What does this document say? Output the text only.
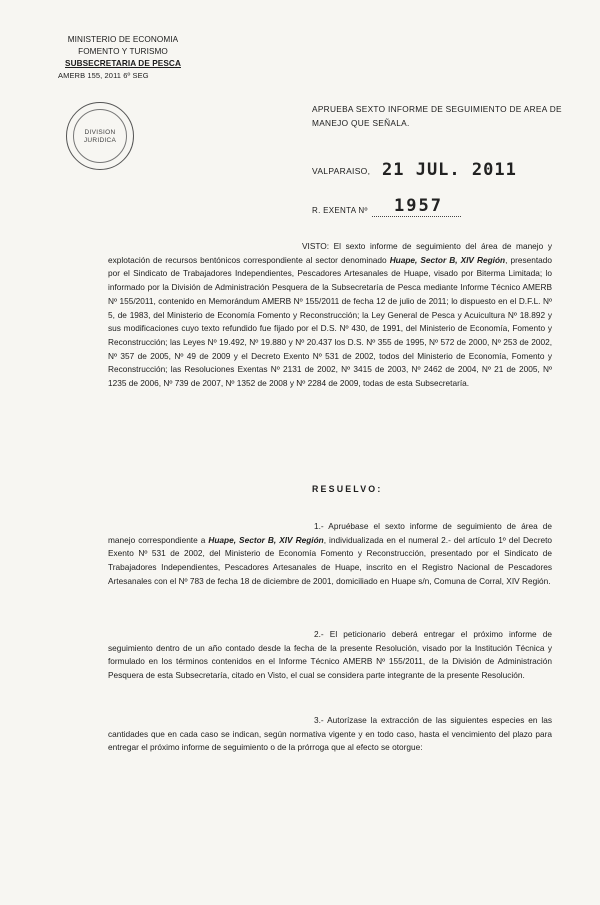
MINISTERIO DE ECONOMIA
FOMENTO Y TURISMO
SUBSECRETARIA DE PESCA
AMERB 155, 2011 6º SEG
DIVISION
JURIDICA
APRUEBA SEXTO INFORME DE SEGUIMIENTO DE AREA DE MANEJO QUE SEÑALA.
VALPARAISO, 21 JUL. 2011
R. EXENTA Nº	1957
VISTO: El sexto informe de seguimiento del área de manejo y explotación de recursos bentónicos correspondiente al sector denominado Huape, Sector B, XIV Región, presentado por el Sindicato de Trabajadores Independientes, Pescadores Artesanales de Huape, visado por Biterma Limitada; lo informado por la División de Administración Pesquera de la Subsecretaría de Pesca mediante Informe Técnico AMERB Nº 155/2011, contenido en Memorándum AMERB Nº 155/2011 de fecha 12 de julio de 2011; lo dispuesto en el D.F.L. Nº 5, de 1983, del Ministerio de Economía Fomento y Reconstrucción; la Ley General de Pesca y Acuicultura Nº 18.892 y sus modificaciones cuyo texto refundido fue fijado por el D.S. Nº 430, de 1991, del Ministerio de Economía, Fomento y Reconstrucción; las Leyes Nº 19.492, Nº 19.880 y Nº 20.437 los D.S. Nº 355 de 1995, Nº 572 de 2000, Nº 253 de 2002, Nº 357 de 2005, Nº 49 de 2009 y el Decreto Exento Nº 531 de 2002, todos del Ministerio de Economía, Fomento y Reconstrucción; las Resoluciones Exentas Nº 2131 de 2002, Nº 3415 de 2003, Nº 2462 de 2004, Nº 21 de 2005, Nº 1235 de 2006, Nº 739 de 2007, Nº 1352 de 2008 y Nº 2284 de 2009, todas de esta Subsecretaría.
RESUELVO:
1.- Apruébase el sexto informe de seguimiento de área de manejo correspondiente a Huape, Sector B, XIV Región, individualizada en el numeral 2.- del artículo 1º del Decreto Exento Nº 531 de 2002, del Ministerio de Economía Fomento y Reconstrucción, presentado por el Sindicato de Trabajadores Independientes, Pescadores Artesanales de Huape, inscrito en el Registro Nacional de Pescadores Artesanales con el Nº 783 de fecha 18 de diciembre de 2001, domiciliado en Huape s/n, Comuna de Corral, XIV Región.
2.- El peticionario deberá entregar el próximo informe de seguimiento dentro de un año contado desde la fecha de la presente Resolución, visado por la Institución Técnica y formulado en los términos contenidos en el Informe Técnico AMERB Nº 155/2011, de la División de Administración Pesquera de esta Subsecretaría, citado en Visto, el cual se considera parte integrante de la presente Resolución.
3.- Autorízase la extracción de las siguientes especies en las cantidades que en cada caso se indican, según normativa vigente y en todo caso, hasta el vencimiento del plazo para entregar el próximo informe de seguimiento o de la prórroga que al efecto se otorgue:
